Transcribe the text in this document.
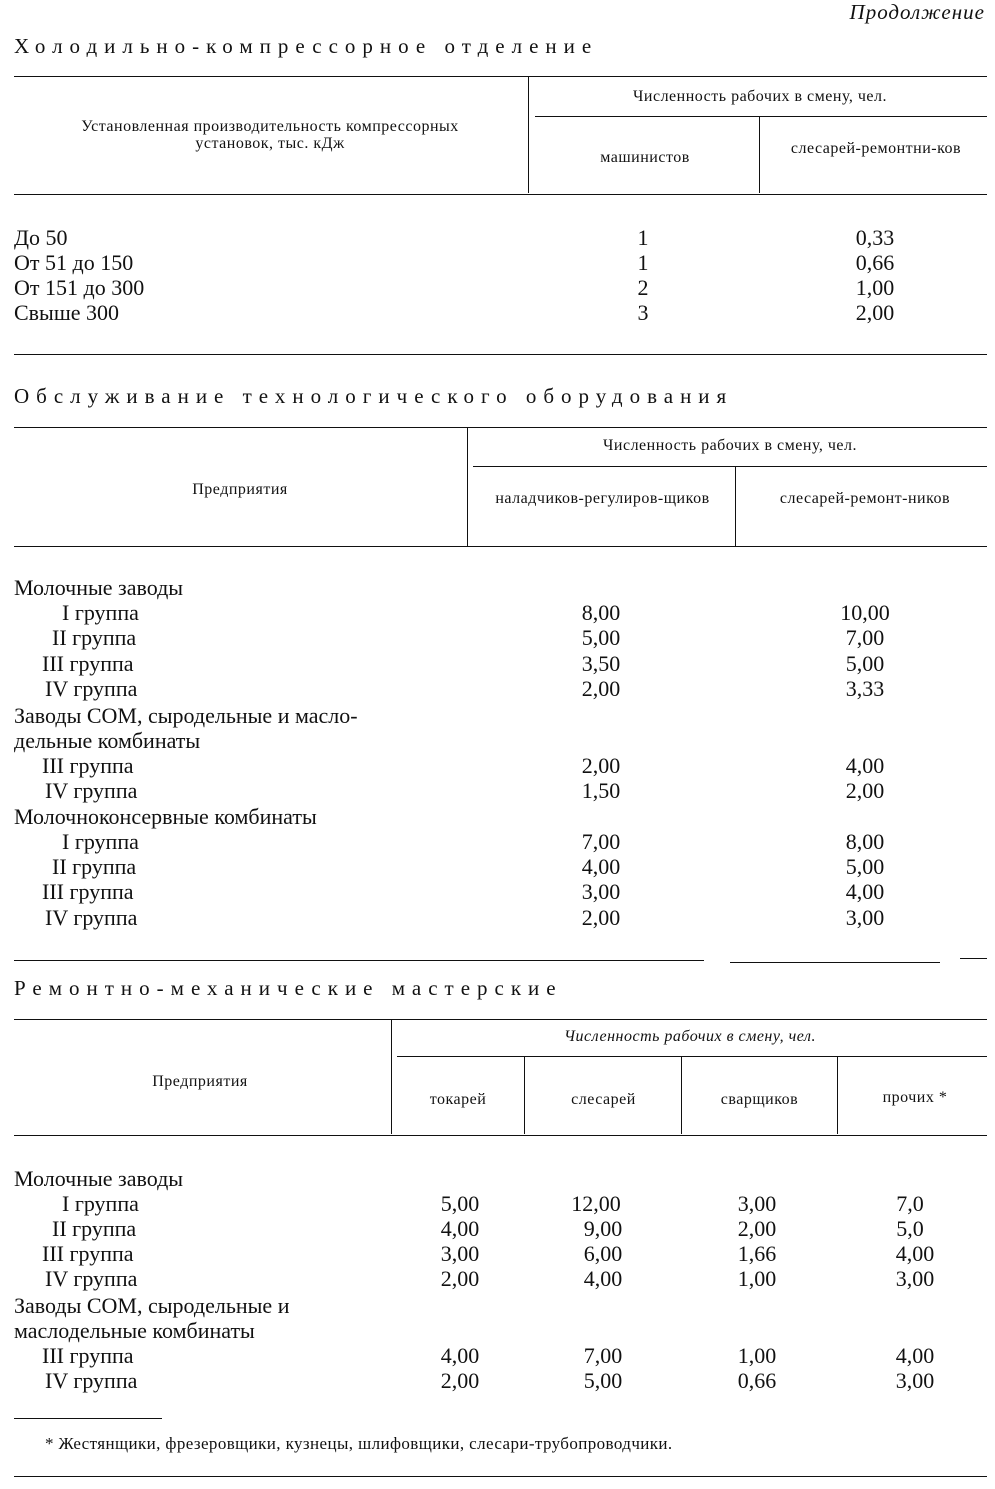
Продолжение
Холодильно-компрессорное отделение
Установленная производительность компрессорных установок, тыс. кДж
Численность рабочих в смену, чел.
машинистов
слесарей-ремонтни-ков
До 50	1	0,33
От 51 до 150	1	0,66
От 151 до 300	2	1,00
Свыше 300	3	2,00
Обслуживание технологического оборудования
Предприятия
Численность рабочих в смену, чел.
наладчиков-регулиров-щиков	слесарей-ремонт-ников
Молочные заводы
I группа	8,00	10,00
II группа	5,00	7,00
III группа	3,50	5,00
IV группа	2,00	3,33
Заводы СОМ, сыродельные и масло-
дельные комбинаты
III группа	2,00	4,00
IV группа	1,50	2,00
Молочноконсервные комбинаты
I группа	7,00	8,00
II группа	4,00	5,00
III группа	3,00	4,00
IV группа	2,00	3,00
Ремонтно-механические мастерские
Предприятия
Численность рабочих в смену, чел.
токарей	слесарей	сварщиков	прочих *
Молочные заводы
I группа	5,00	12,00	3,00	7,0
II группа	4,00	9,00	2,00	5,0
III группа	3,00	6,00	1,66	4,00
IV группа	2,00	4,00	1,00	3,00
Заводы СОМ, сыродельные и
маслодельные комбинаты
III группа	4,00	7,00	1,00	4,00
IV группа	2,00	5,00	0,66	3,00
* Жестянщики, фрезеровщики, кузнецы, шлифовщики, слесари-трубопроводчики.
